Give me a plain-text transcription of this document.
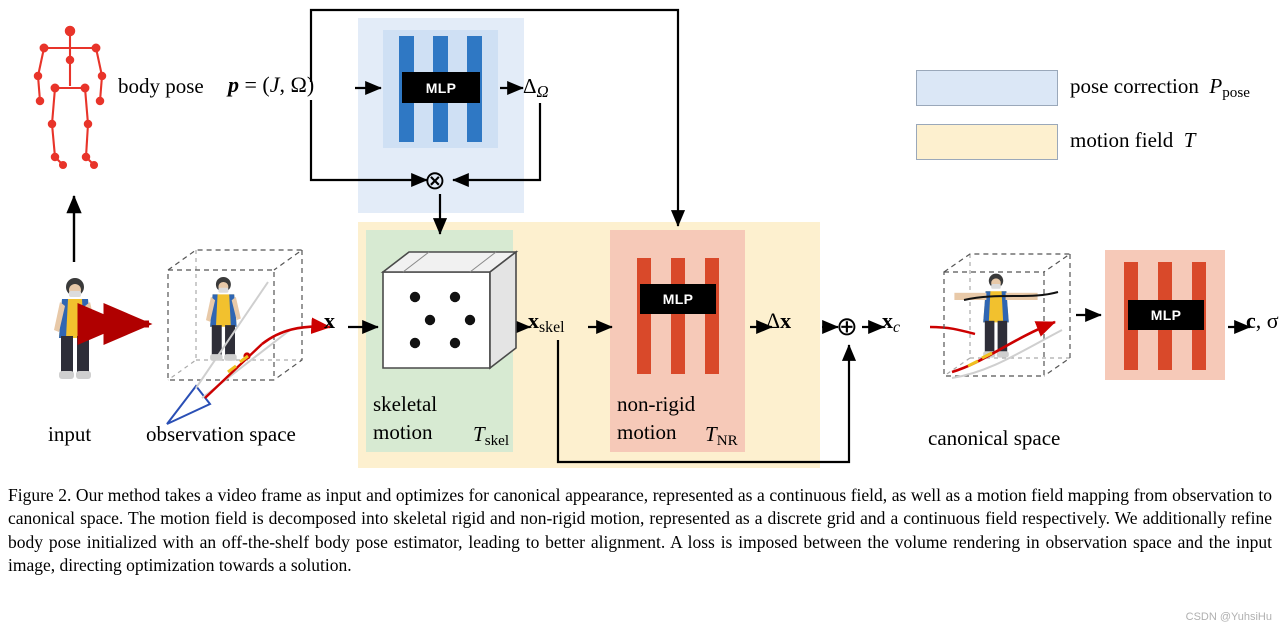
MLP
MLP
MLP
body pose p = (J, Ω)	$\Delta_\Omega$
x	$x_{skel}$	Δx	$x_c$	c, σ
⊗
⊕
skeletal
motion $T_{skel}$
non-rigid
motion $T_{NR}$
input	observation space	canonical space
pose correction  $P_{pose}$
motion field  T
Figure 2. Our method takes a video frame as input and optimizes for canonical appearance, represented as a continuous field, as well as a motion field mapping from observation to canonical space. The motion field is decomposed into skeletal rigid and non-rigid motion, represented as a discrete grid and a continuous field respectively. We additionally refine body pose initialized with an off-the-shelf body pose estimator, leading to better alignment. A loss is imposed between the volume rendering in observation space and the input image, directing optimization towards a solution.
CSDN @YuhsiHu
